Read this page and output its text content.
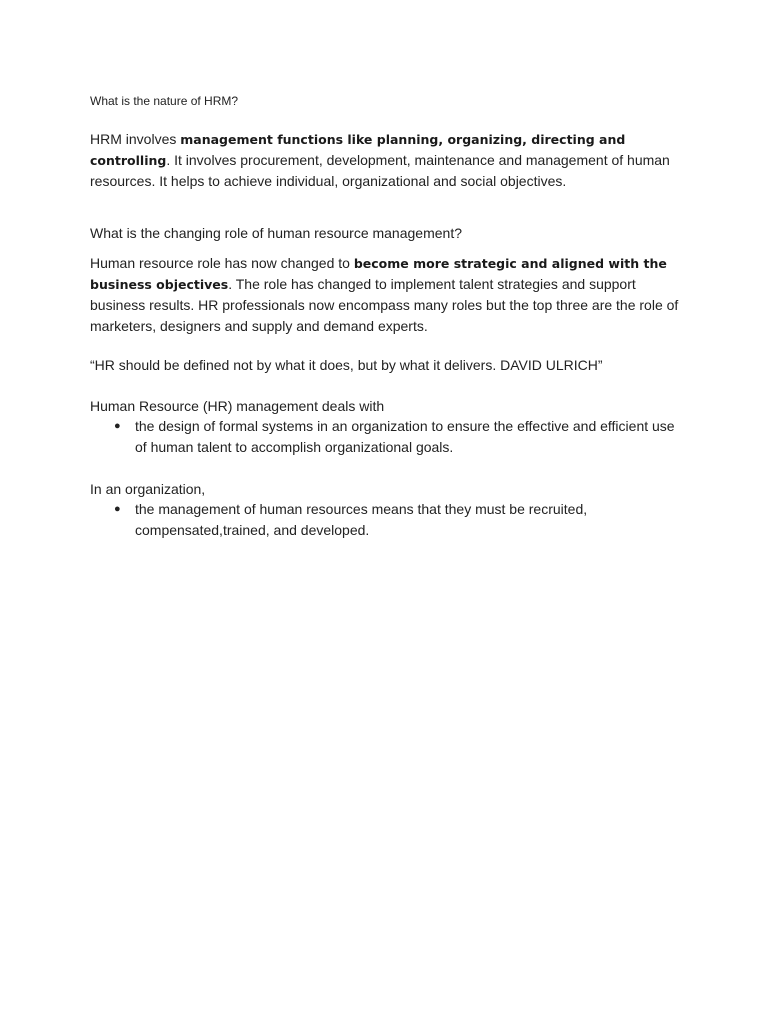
What is the nature of HRM?

HRM involves management functions like planning, organizing, directing and controlling. It involves procurement, development, maintenance and management of human resources. It helps to achieve individual, organizational and social objectives.

What is the changing role of human resource management?

Human resource role has now changed to become more strategic and aligned with the business objectives. The role has changed to implement talent strategies and support business results. HR professionals now encompass many roles but the top three are the role of marketers, designers and supply and demand experts.

“HR should be defined not by what it does, but by what it delivers. DAVID ULRICH”
Human Resource (HR) management deals with
● the design of formal systems in an organization to ensure the effective and efficient use of human talent to accomplish organizational goals.
In an organization,
● the management of human resources means that they must be recruited, compensated,trained, and developed.
